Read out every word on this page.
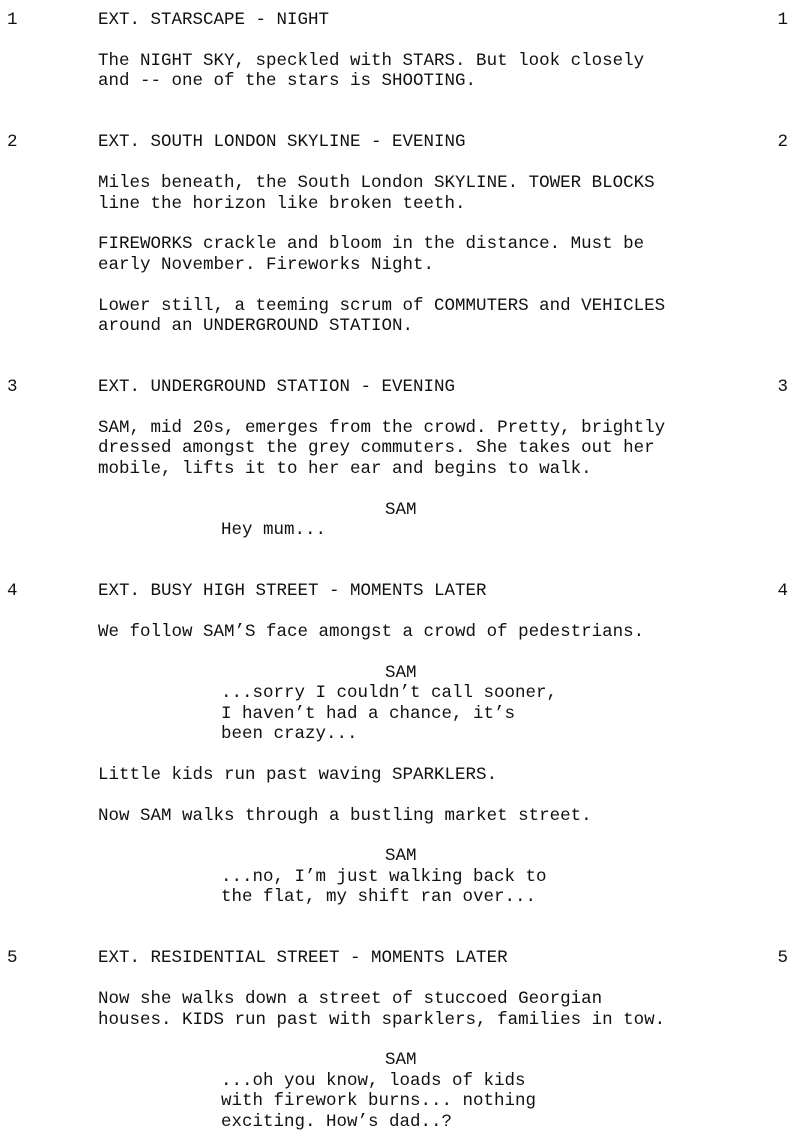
1	1
EXT. STARSCAPE - NIGHT
The NIGHT SKY, speckled with STARS. But look closely
and -- one of the stars is SHOOTING.
2	2
EXT. SOUTH LONDON SKYLINE - EVENING
Miles beneath, the South London SKYLINE. TOWER BLOCKS
line the horizon like broken teeth.
FIREWORKS crackle and bloom in the distance. Must be
early November. Fireworks Night.
Lower still, a teeming scrum of COMMUTERS and VEHICLES
around an UNDERGROUND STATION.
3	3
EXT. UNDERGROUND STATION - EVENING
SAM, mid 20s, emerges from the crowd. Pretty, brightly
dressed amongst the grey commuters. She takes out her
mobile, lifts it to her ear and begins to walk.
SAM
Hey mum...
4	4
EXT. BUSY HIGH STREET - MOMENTS LATER
We follow SAM’S face amongst a crowd of pedestrians.
SAM
...sorry I couldn’t call sooner,
I haven’t had a chance, it’s
been crazy...
Little kids run past waving SPARKLERS.
Now SAM walks through a bustling market street.
SAM
...no, I’m just walking back to
the flat, my shift ran over...
5	5
EXT. RESIDENTIAL STREET - MOMENTS LATER
Now she walks down a street of stuccoed Georgian
houses. KIDS run past with sparklers, families in tow.
SAM
...oh you know, loads of kids
with firework burns... nothing
exciting. How’s dad..?
